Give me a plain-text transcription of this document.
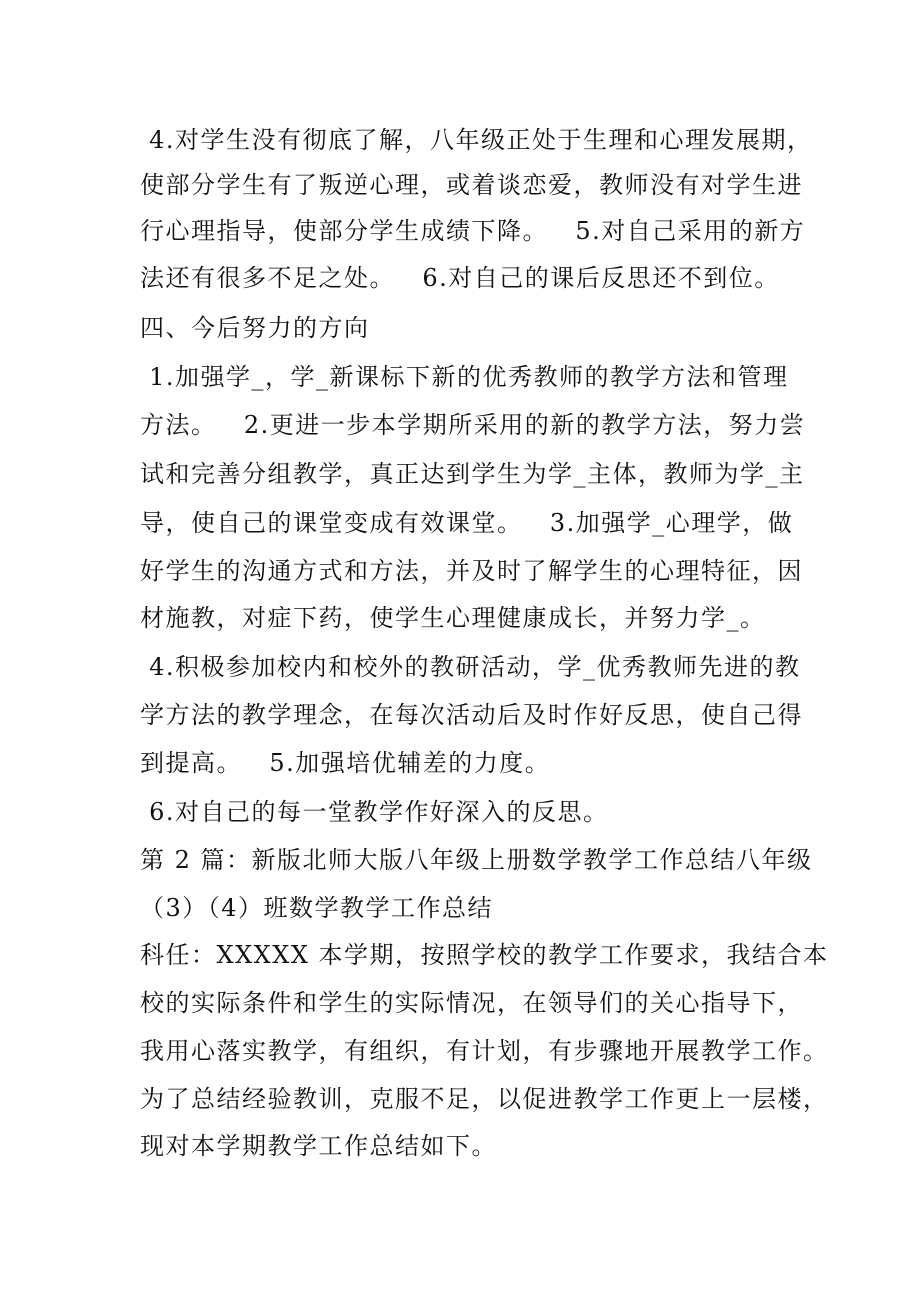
4.对学生没有彻底了解，八年级正处于生理和心理发展期，
使部分学生有了叛逆心理，或着谈恋爱，教师没有对学生进
行心理指导，使部分学生成绩下降。   5.对自己采用的新方
法还有很多不足之处。   6.对自己的课后反思还不到位。
四、今后努力的方向
1.加强学_，学_新课标下新的优秀教师的教学方法和管理
方法。   2.更进一步本学期所采用的新的教学方法，努力尝
试和完善分组教学，真正达到学生为学_主体，教师为学_主
导，使自己的课堂变成有效课堂。   3.加强学_心理学，做
好学生的沟通方式和方法，并及时了解学生的心理特征，因
材施教，对症下药，使学生心理健康成长，并努力学_。
4.积极参加校内和校外的教研活动，学_优秀教师先进的教
学方法的教学理念，在每次活动后及时作好反思，使自己得
到提高。   5.加强培优辅差的力度。
6.对自己的每一堂教学作好深入的反思。
第 2 篇：新版北师大版八年级上册数学教学工作总结八年级
（3）（4）班数学教学工作总结
科任：XXXXX 本学期，按照学校的教学工作要求，我结合本
校的实际条件和学生的实际情况，在领导们的关心指导下，
我用心落实教学，有组织，有计划，有步骤地开展教学工作。
为了总结经验教训，克服不足，以促进教学工作更上一层楼，
现对本学期教学工作总结如下。
